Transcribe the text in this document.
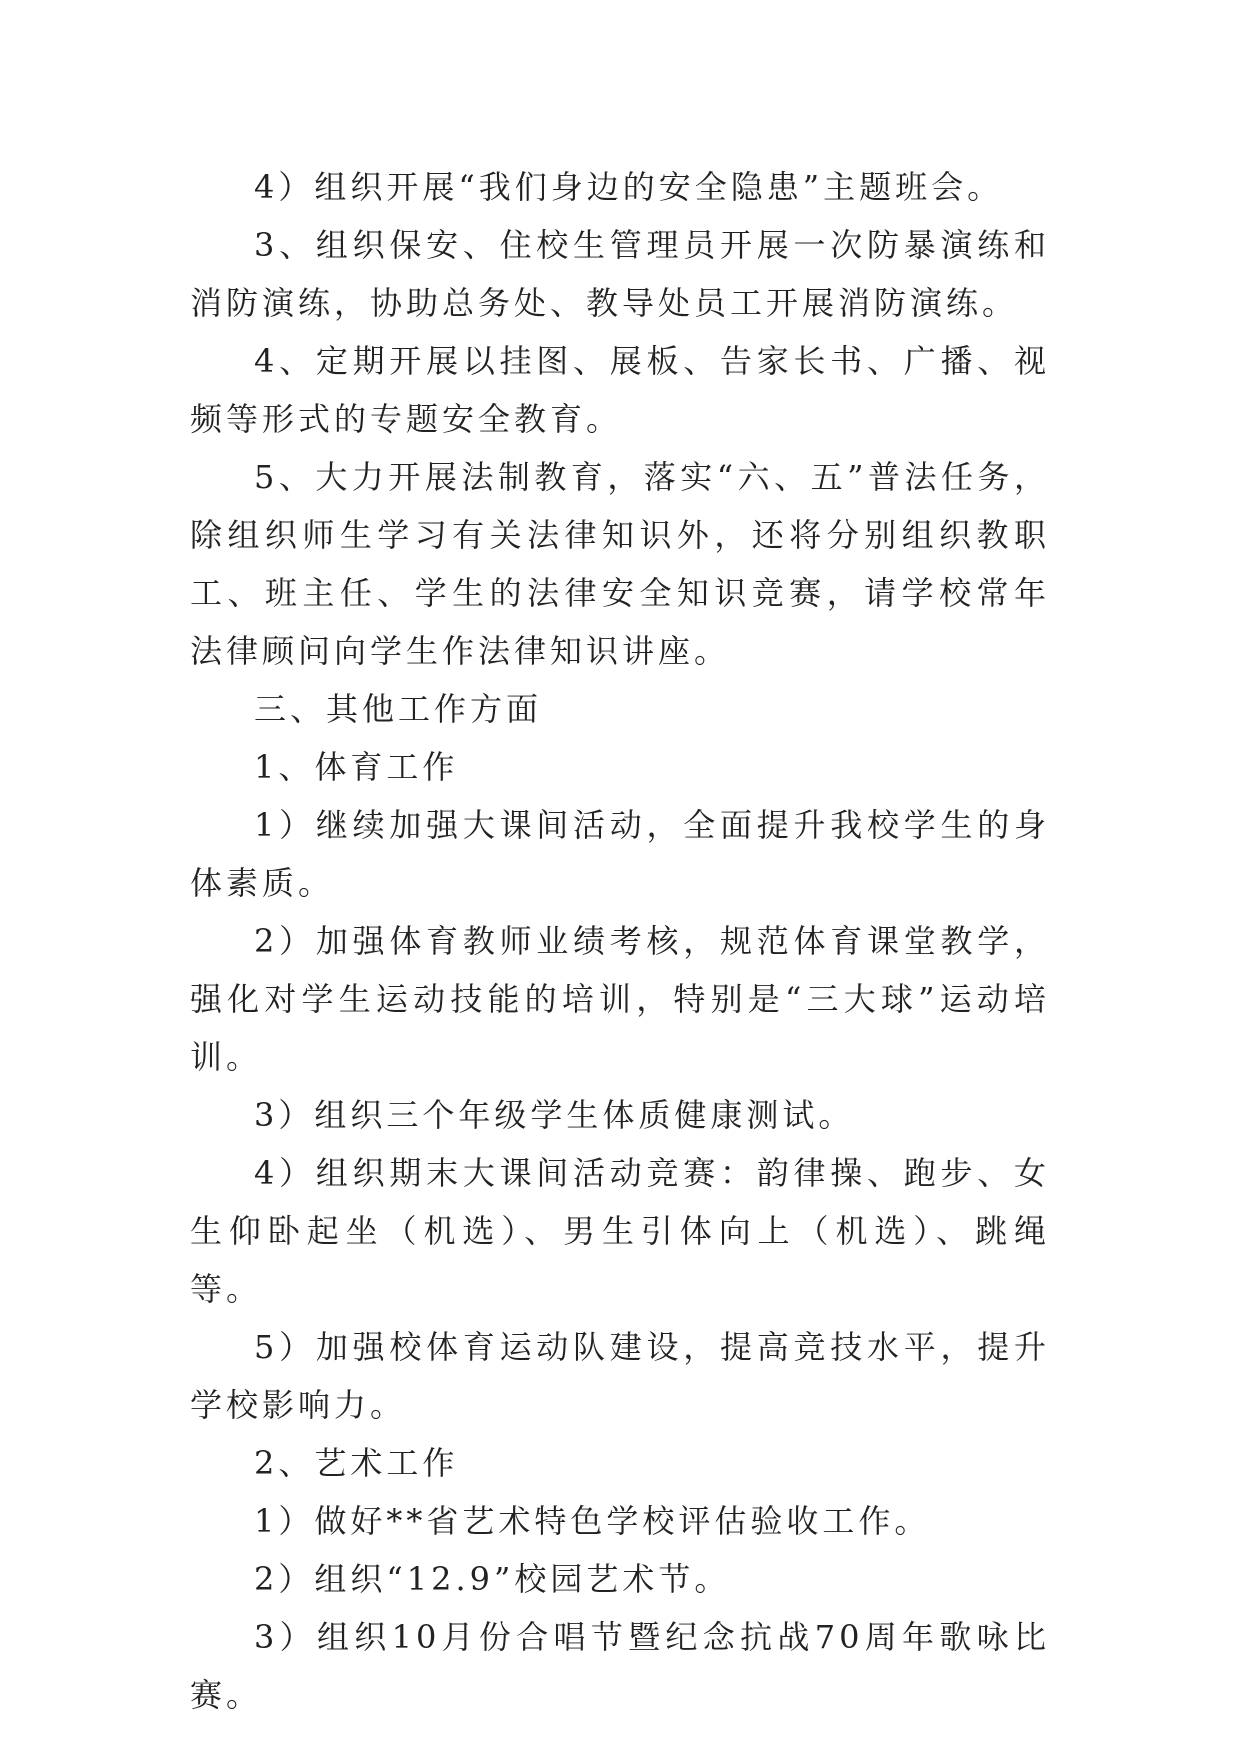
4）组织开展“我们身边的安全隐患”主题班会。

3、组织保安、住校生管理员开展一次防暴演练和消防演练，协助总务处、教导处员工开展消防演练。

4、定期开展以挂图、展板、告家长书、广播、视频等形式的专题安全教育。

5、大力开展法制教育，落实“六、五”普法任务，除组织师生学习有关法律知识外，还将分别组织教职工、班主任、学生的法律安全知识竞赛，请学校常年法律顾问向学生作法律知识讲座。

三、其他工作方面

1、体育工作

1）继续加强大课间活动，全面提升我校学生的身体素质。

2）加强体育教师业绩考核，规范体育课堂教学，强化对学生运动技能的培训，特别是“三大球”运动培训。

3）组织三个年级学生体质健康测试。

4）组织期末大课间活动竞赛：韵律操、跑步、女生仰卧起坐（机选）、男生引体向上（机选）、跳绳等。

5）加强校体育运动队建设，提高竞技水平，提升学校影响力。

2、艺术工作

1）做好**省艺术特色学校评估验收工作。

2）组织“12.9”校园艺术节。

3）组织10月份合唱节暨纪念抗战70周年歌咏比赛。
